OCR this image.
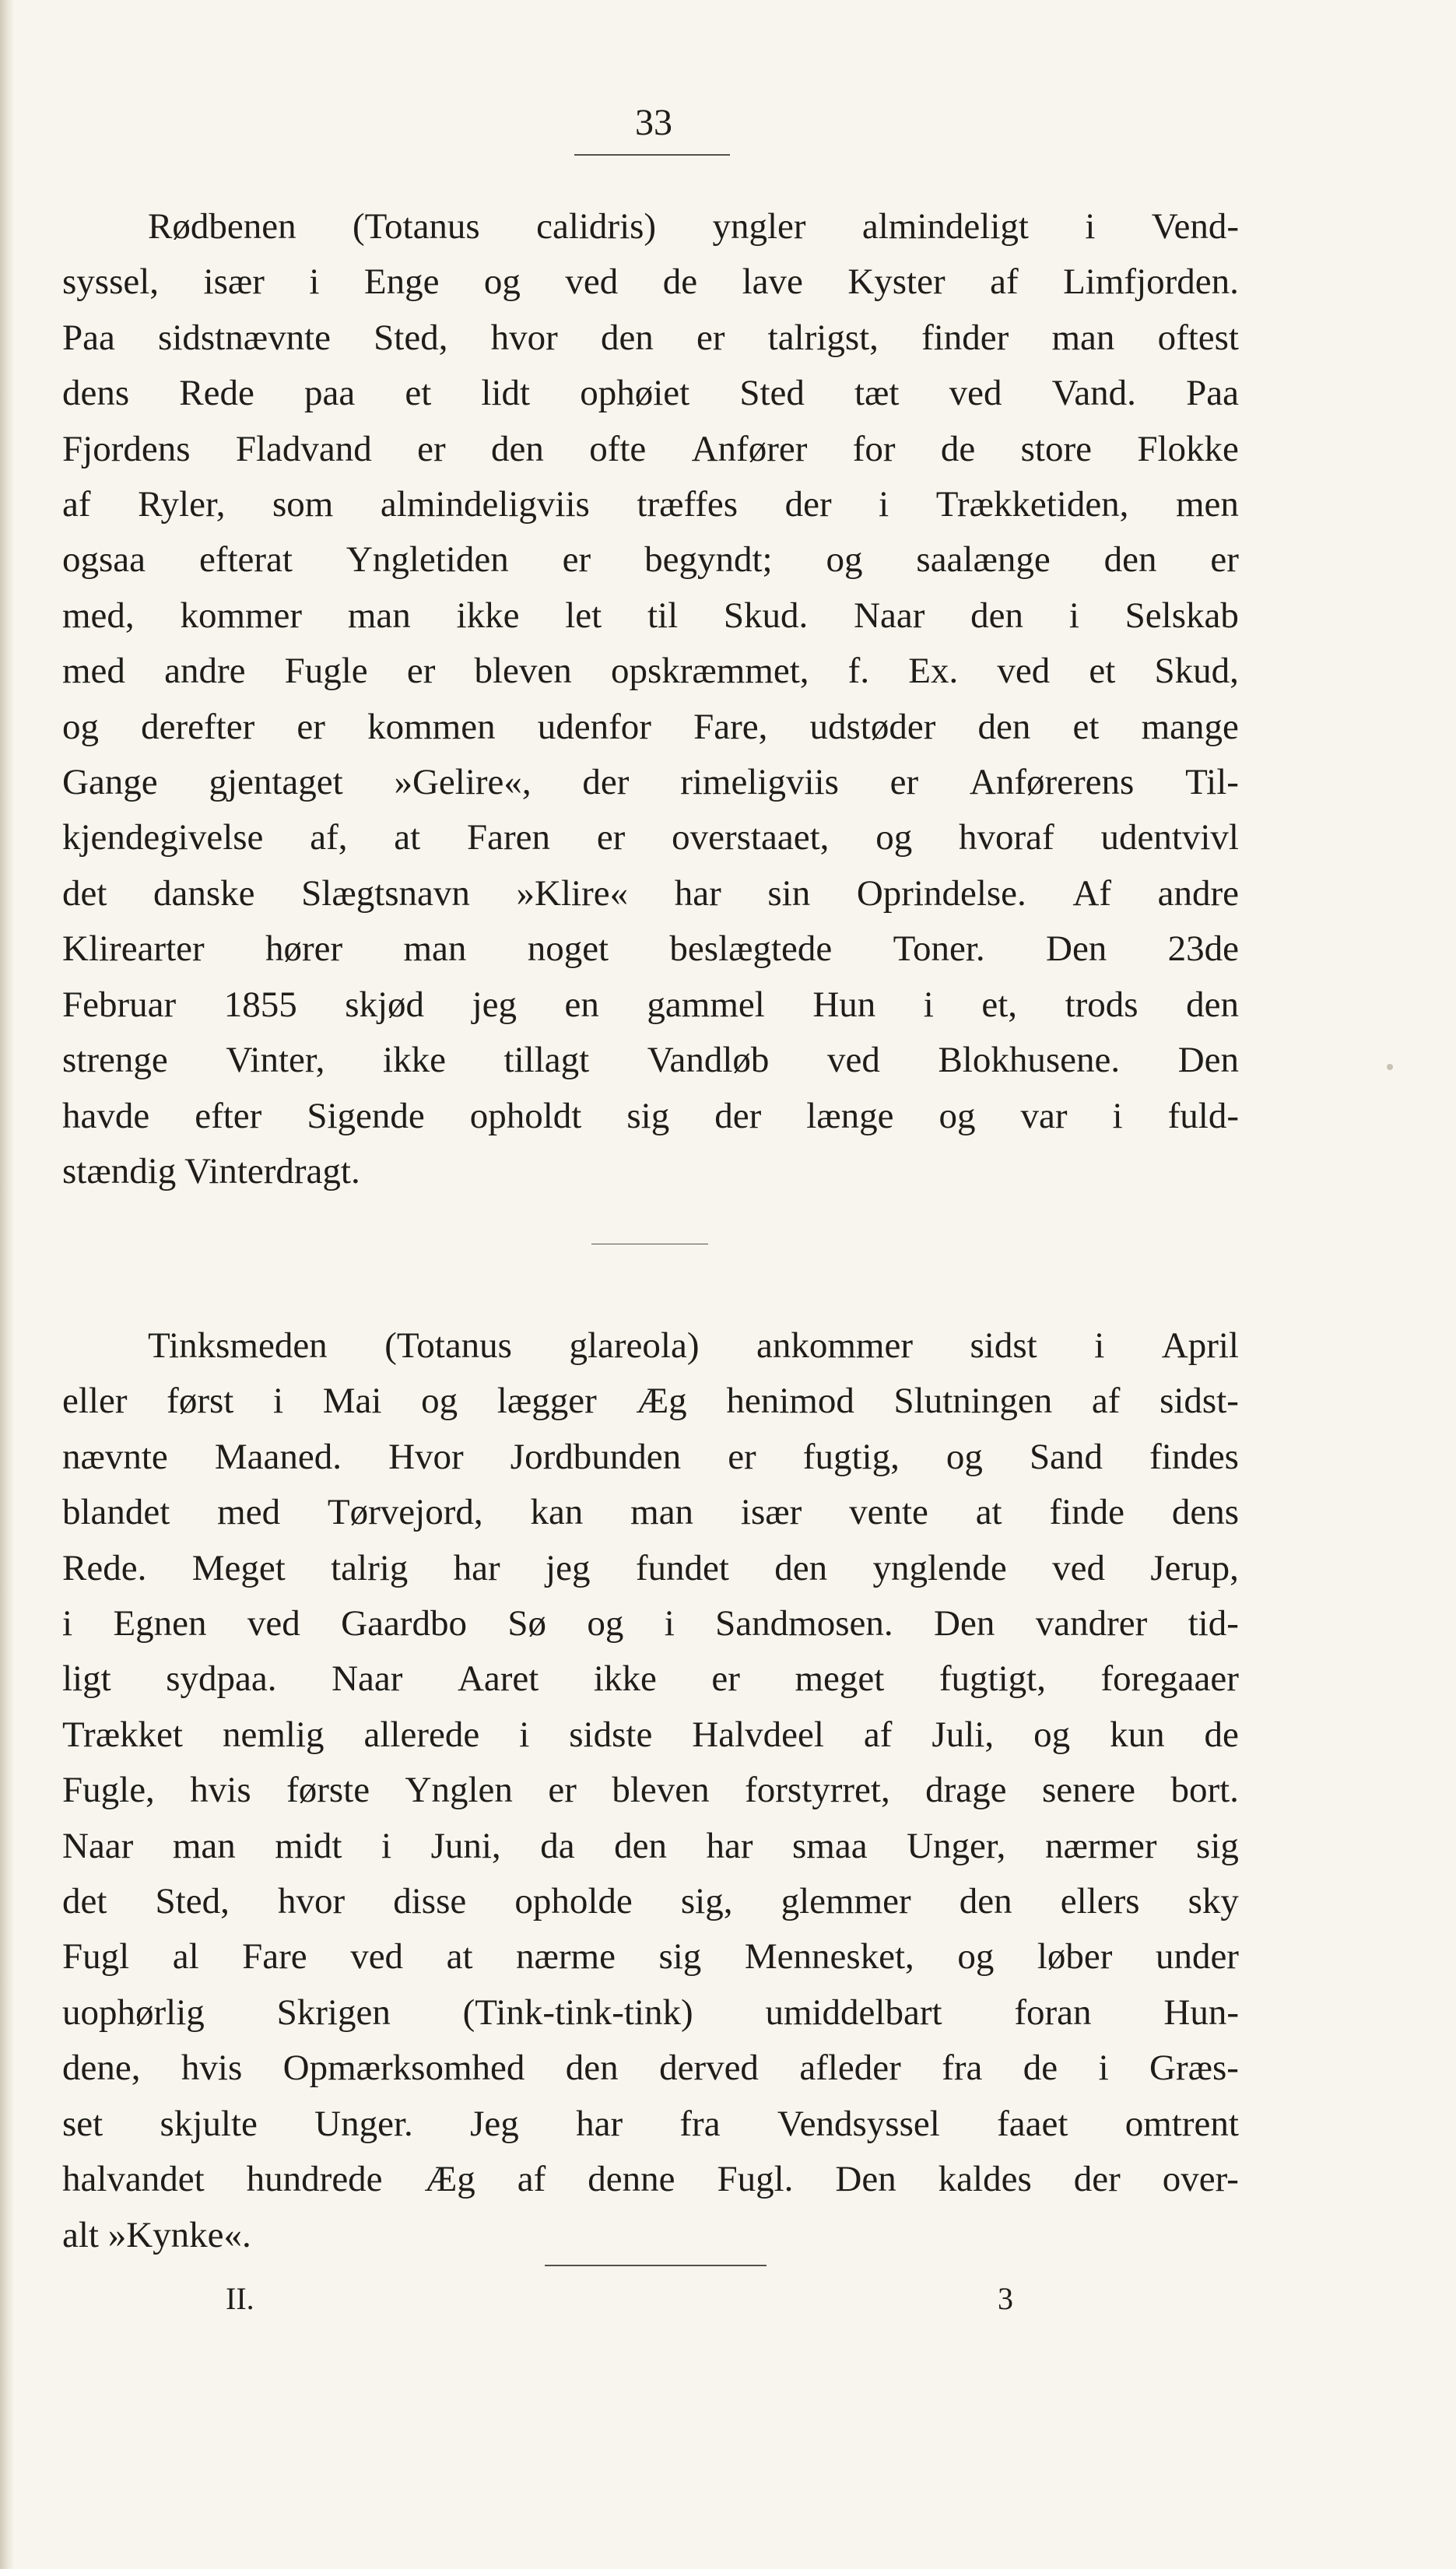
33
Rødbenen (Totanus calidris) yngler almindeligt i Vend-
syssel, især i Enge og ved de lave Kyster af Limfjorden.
Paa sidstnævnte Sted, hvor den er talrigst, finder man oftest
dens Rede paa et lidt ophøiet Sted tæt ved Vand. Paa
Fjordens Fladvand er den ofte Anfører for de store Flokke
af Ryler, som almindeligviis træffes der i Trækketiden, men
ogsaa efterat Yngletiden er begyndt; og saalænge den er
med, kommer man ikke let til Skud. Naar den i Selskab
med andre Fugle er bleven opskræmmet, f. Ex. ved et Skud,
og derefter er kommen udenfor Fare, udstøder den et mange
Gange gjentaget »Gelire«, der rimeligviis er Anførerens Til-
kjendegivelse af, at Faren er overstaaet, og hvoraf udentvivl
det danske Slægtsnavn »Klire« har sin Oprindelse. Af andre
Klirearter hører man noget beslægtede Toner. Den 23de
Februar 1855 skjød jeg en gammel Hun i et, trods den
strenge Vinter, ikke tillagt Vandløb ved Blokhusene. Den
havde efter Sigende opholdt sig der længe og var i fuld-
stændig Vinterdragt.
Tinksmeden (Totanus glareola) ankommer sidst i April
eller først i Mai og lægger Æg henimod Slutningen af sidst-
nævnte Maaned. Hvor Jordbunden er fugtig, og Sand findes
blandet med Tørvejord, kan man især vente at finde dens
Rede. Meget talrig har jeg fundet den ynglende ved Jerup,
i Egnen ved Gaardbo Sø og i Sandmosen. Den vandrer tid-
ligt sydpaa. Naar Aaret ikke er meget fugtigt, foregaaer
Trækket nemlig allerede i sidste Halvdeel af Juli, og kun de
Fugle, hvis første Ynglen er bleven forstyrret, drage senere bort.
Naar man midt i Juni, da den har smaa Unger, nærmer sig
det Sted, hvor disse opholde sig, glemmer den ellers sky
Fugl al Fare ved at nærme sig Mennesket, og løber under
uophørlig Skrigen (Tink-tink-tink) umiddelbart foran Hun-
dene, hvis Opmærksomhed den derved afleder fra de i Græs-
set skjulte Unger. Jeg har fra Vendsyssel faaet omtrent
halvandet hundrede Æg af denne Fugl. Den kaldes der over-
alt »Kynke«.
II.	3
